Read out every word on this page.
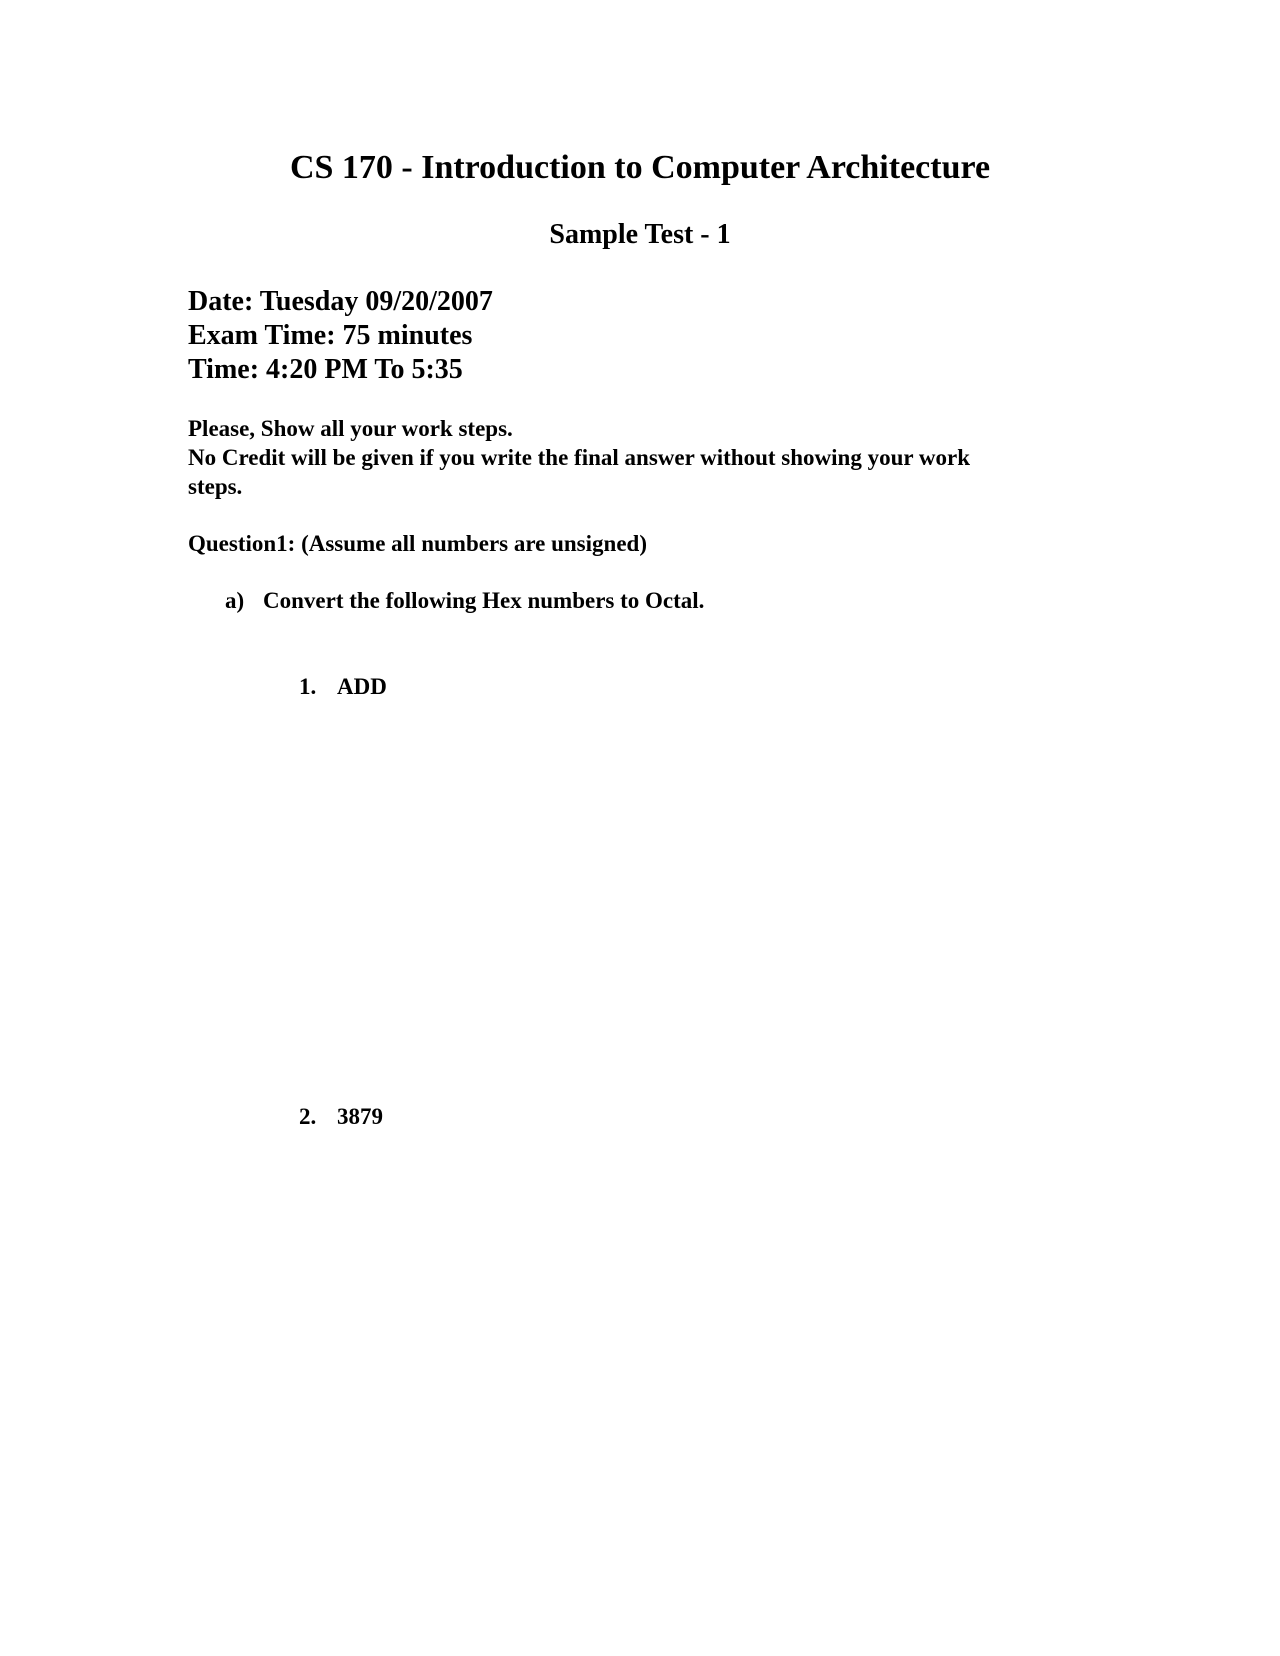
CS 170 - Introduction to Computer Architecture
Sample Test - 1
Date: Tuesday 09/20/2007
Exam Time: 75 minutes
Time: 4:20 PM To 5:35
Please, Show all your work steps.
No Credit will be given if you write the final answer without showing your work
steps.
Question1: (Assume all numbers are unsigned)
a) Convert the following Hex numbers to Octal.
1. ADD
2. 3879
